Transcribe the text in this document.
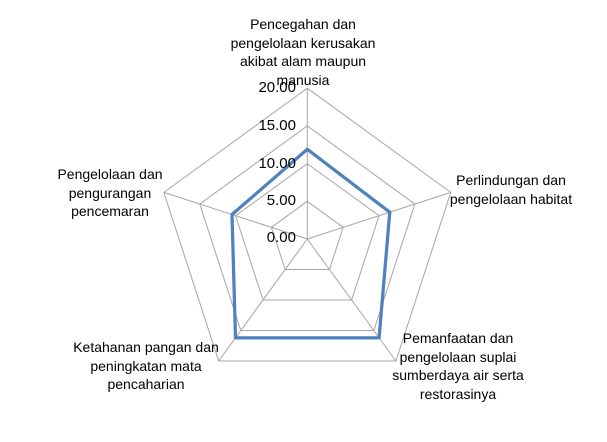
Pencegahan dan
pengelolaan kerusakan
akibat alam maupun
manusia
Perlindungan dan
pengelolaan habitat
Pemanfaatan dan
pengelolaan suplai
sumberdaya air serta
restorasinya
Ketahanan pangan dan
peningkatan mata
pencaharian
Pengelolaan dan
pengurangan
pencemaran
20.00
15.00
10.00
5.00
0.00
